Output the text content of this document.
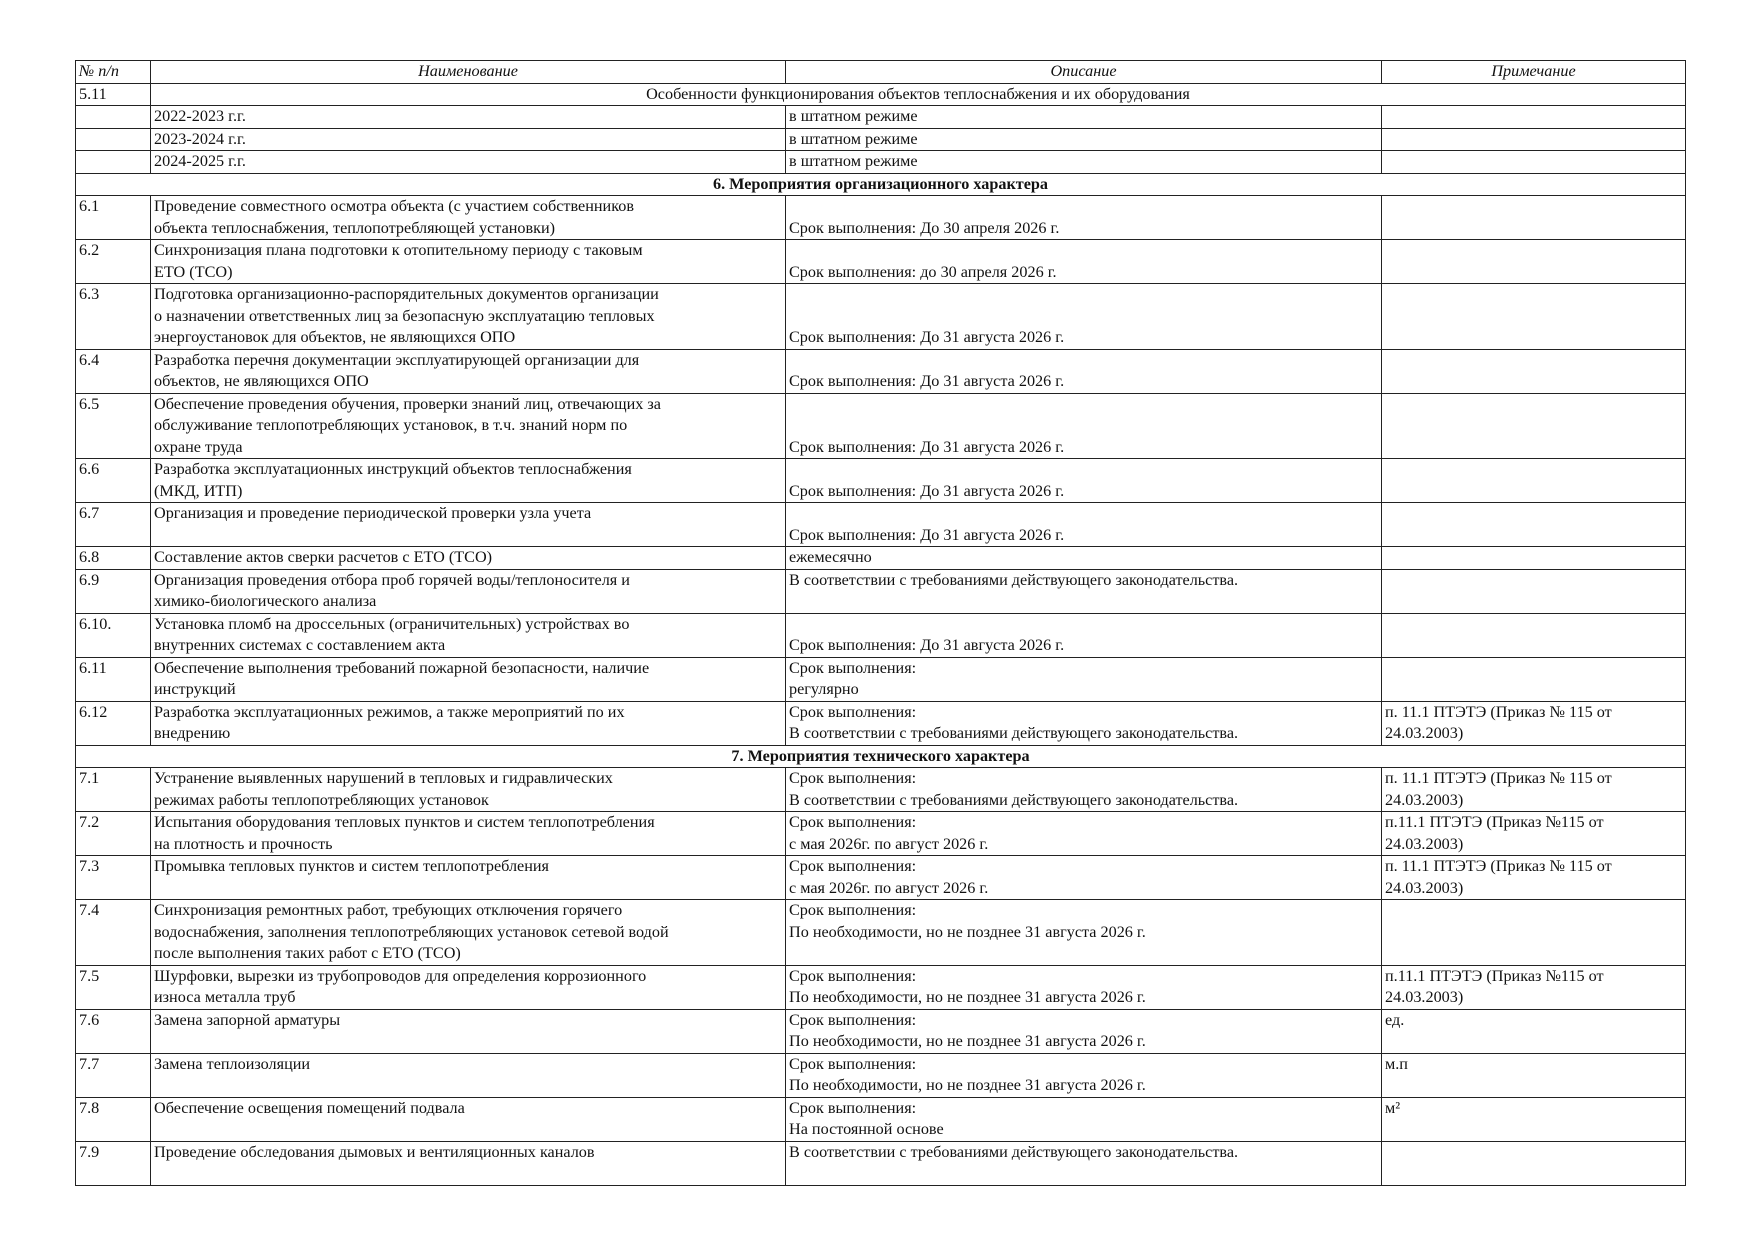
№ п/п	Наименование	Описание	Примечание
5.11	Особенности функционирования объектов теплоснабжения и их оборудования		
	2022-2023 г.г.	в штатном режиме	
	2023-2024 г.г.	в штатном режиме	
	2024-2025 г.г.	в штатном режиме	
6. Мероприятия организационного характера			
6.1	Проведение совместного осмотра объекта (с участием собственников
объекта теплоснабжения, теплопотребляющей установки)	Срок выполнения: До 30 апреля 2026 г.	

6.2	Синхронизация плана подготовки к отопительному периоду с таковым
ЕТО (ТСО)	Срок выполнения: до 30 апреля 2026 г.	

6.3	Подготовка организационно-распорядительных документов организации
о назначении ответственных лиц за безопасную эксплуатацию тепловых
энергоустановок для объектов, не являющихся ОПО	Срок выполнения: До 31 августа 2026 г.	

6.4	Разработка перечня документации эксплуатирующей организации для
объектов, не являющихся ОПО	Срок выполнения: До 31 августа 2026 г.	

6.5	Обеспечение проведения обучения, проверки знаний лиц, отвечающих за
обслуживание теплопотребляющих установок, в т.ч. знаний норм по
охране труда	Срок выполнения: До 31 августа 2026 г.	

6.6	Разработка эксплуатационных инструкций объектов теплоснабжения
(МКД, ИТП)	Срок выполнения: До 31 августа 2026 г.	

6.7	Организация и проведение периодической проверки узла учета	Срок выполнения: До 31 августа 2026 г.	

6.8	Составление актов сверки расчетов с ЕТО (ТСО)	ежемесячно	

6.9	Организация проведения отбора проб горячей воды/теплоносителя и
химико-биологического анализа	В соответствии с требованиями действующего законодательства.	

6.10.	Установка пломб на дроссельных (ограничительных) устройствах во
внутренних системах с составлением акта	Срок выполнения: До 31 августа 2026 г.	

6.11	Обеспечение выполнения требований пожарной безопасности, наличие
инструкций	Срок выполнения:
регулярно	

6.12	Разработка эксплуатационных режимов, а также мероприятий по их
внедрению	Срок выполнения:
В соответствии с требованиями действующего законодательства.	п. 11.1 ПТЭТЭ (Приказ № 115 от
24.03.2003)

7. Мероприятия технического характера			
7.1	Устранение выявленных нарушений в тепловых и гидравлических
режимах работы теплопотребляющих установок	Срок выполнения:
В соответствии с требованиями действующего законодательства.	п. 11.1 ПТЭТЭ (Приказ № 115 от
24.03.2003)

7.2	Испытания оборудования тепловых пунктов и систем теплопотребления
на плотность и прочность	Срок выполнения:
с мая 2026г. по август 2026 г.	п.11.1 ПТЭТЭ (Приказ №115 от
24.03.2003)

7.3	Промывка тепловых пунктов и систем теплопотребления	Срок выполнения:
с мая 2026г. по август 2026 г.	п. 11.1 ПТЭТЭ (Приказ № 115 от
24.03.2003)

7.4	Синхронизация ремонтных работ, требующих отключения горячего
водоснабжения, заполнения теплопотребляющих установок сетевой водой
после выполнения таких работ с ЕТО (ТСО)	Срок выполнения:
По необходимости, но не позднее 31 августа 2026 г.	

7.5	Шурфовки, вырезки из трубопроводов для определения коррозионного
износа металла труб	Срок выполнения:
По необходимости, но не позднее 31 августа 2026 г.	п.11.1 ПТЭТЭ (Приказ №115 от
24.03.2003)

7.6	Замена запорной арматуры	Срок выполнения:
По необходимости, но не позднее 31 августа 2026 г.	ед.

7.7	Замена теплоизоляции	Срок выполнения:
По необходимости, но не позднее 31 августа 2026 г.	м.п

7.8	Обеспечение освещения помещений подвала	Срок выполнения:
На постоянной основе	м²

7.9	Проведение обследования дымовых и вентиляционных каналов	В соответствии с требованиями действующего законодательства.	
